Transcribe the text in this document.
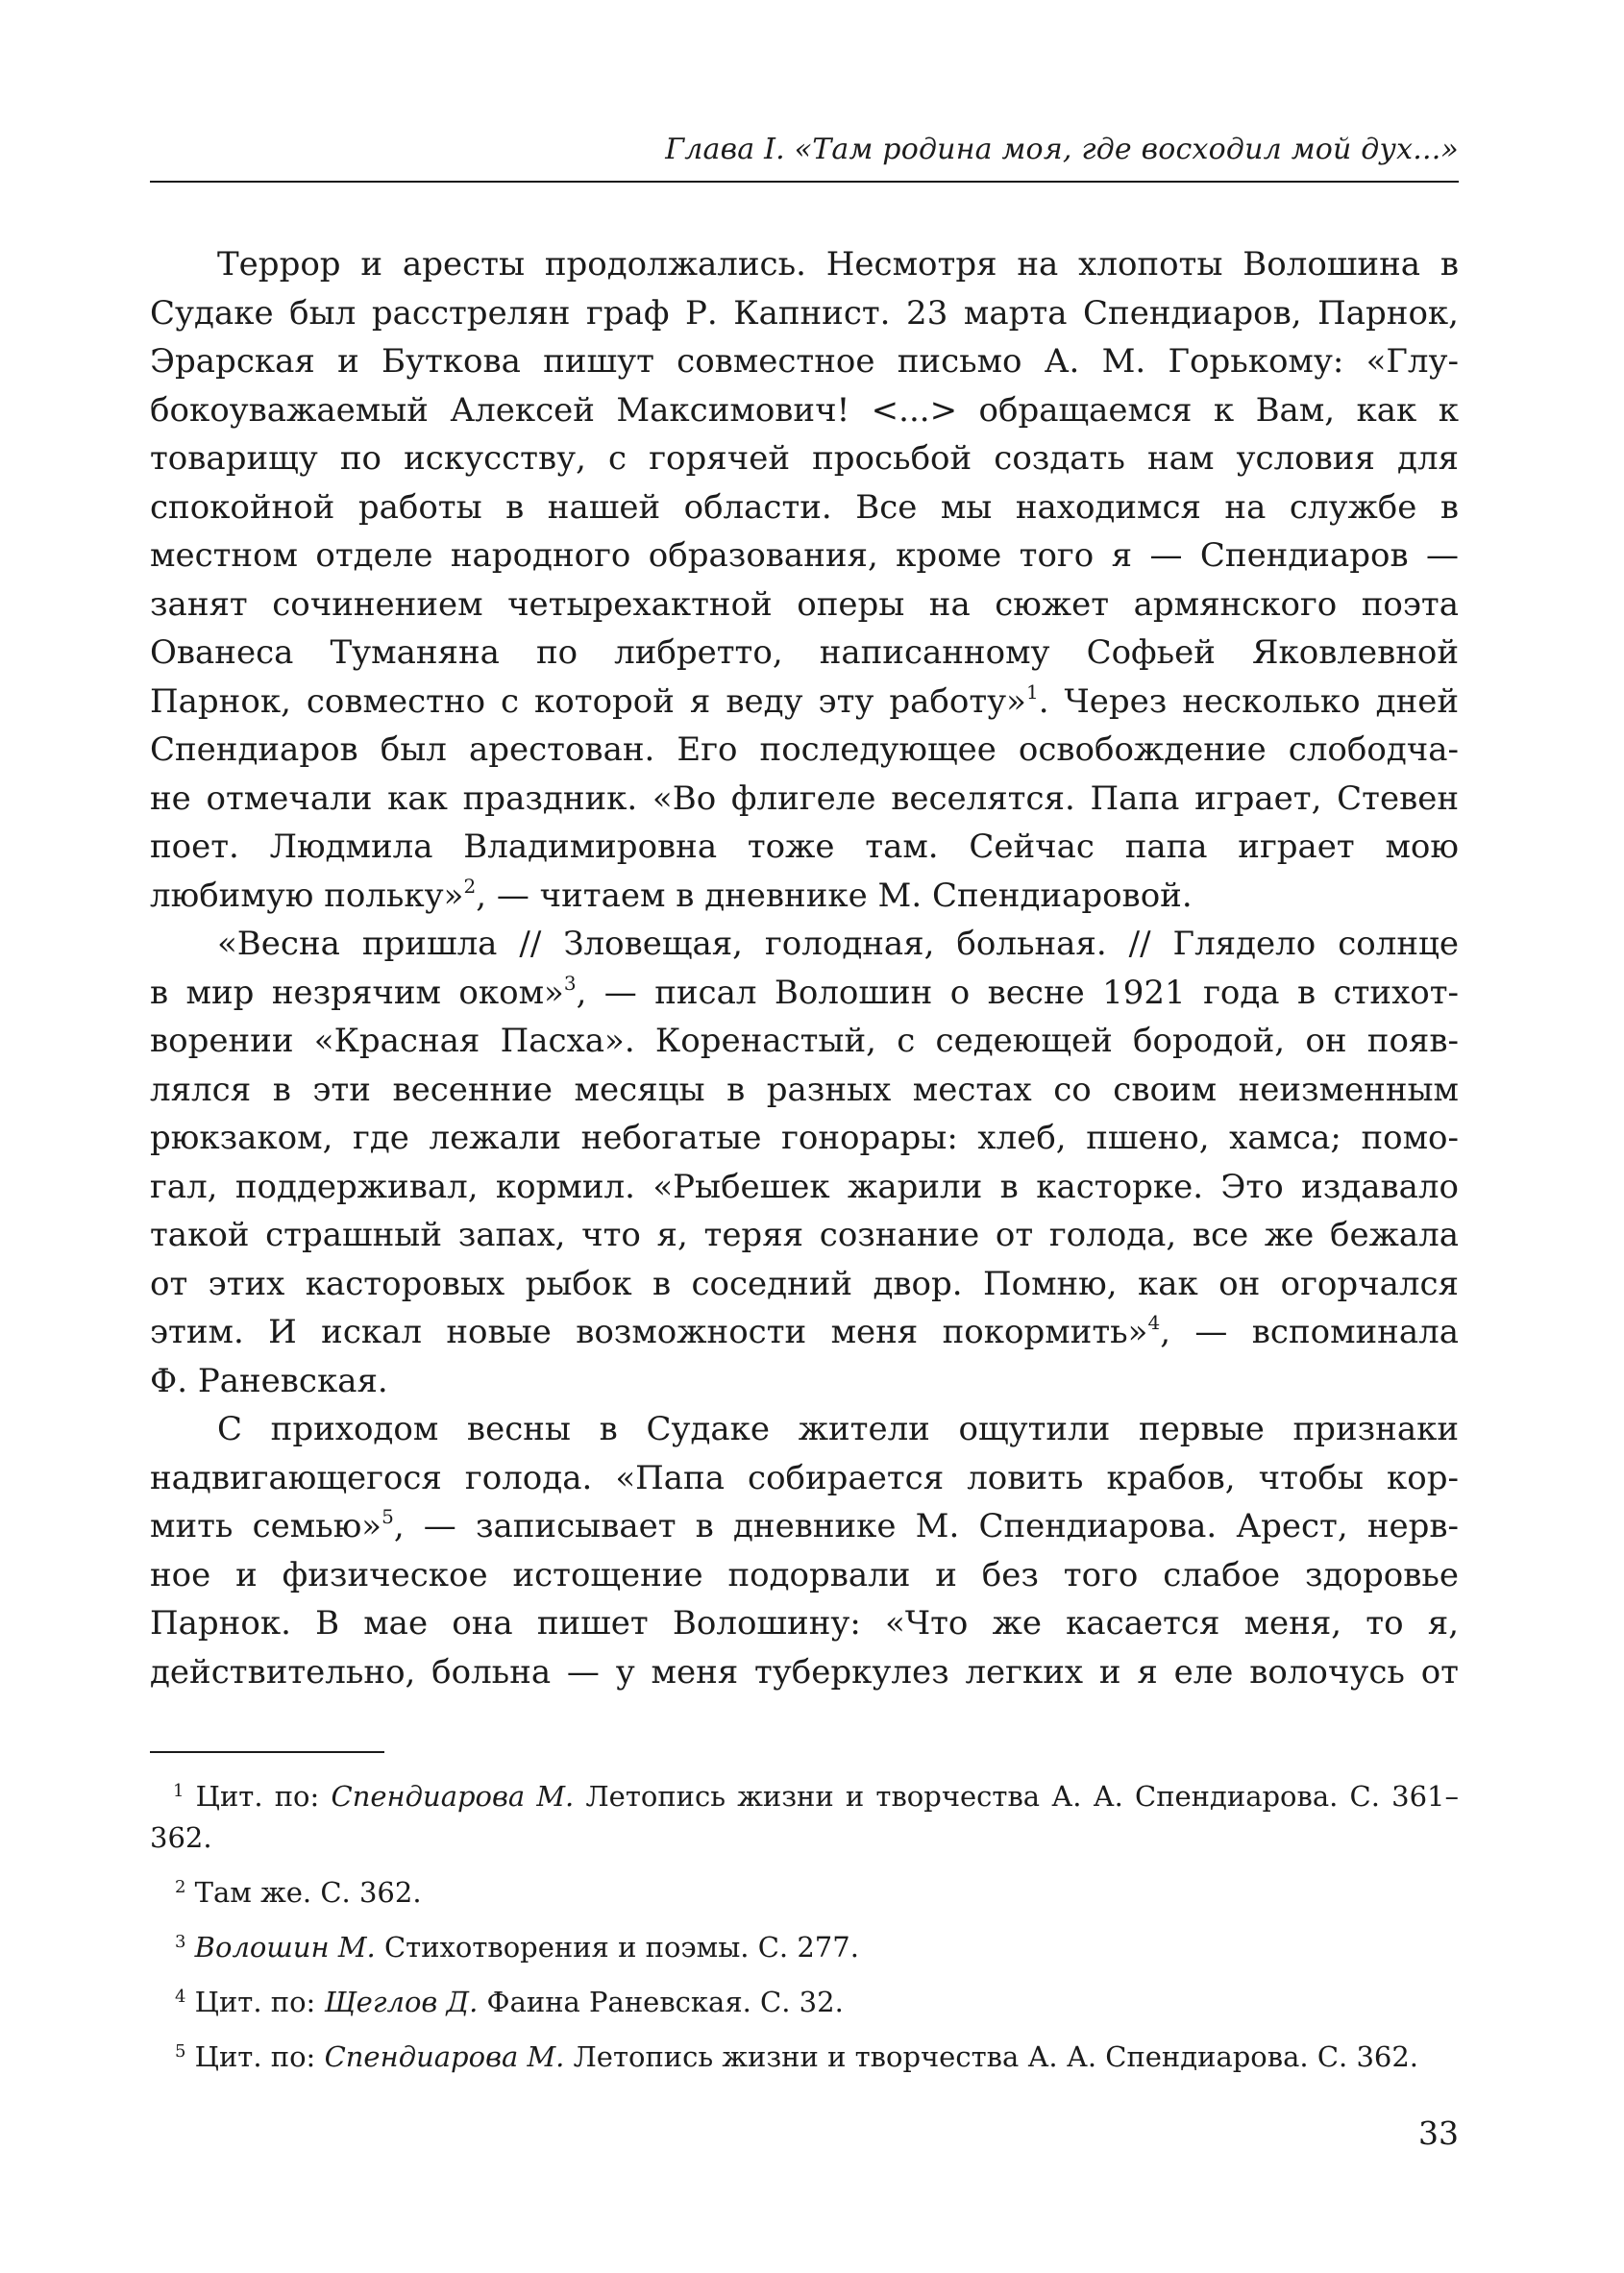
Глава I. «Там родина моя, где восходил мой дух...»
Террор и аресты продолжались. Несмотря на хлопоты Волошина в
Судаке был расстрелян граф Р. Капнист. 23 марта Спендиаров, Парнок,
Эрарская и Буткова пишут совместное письмо А. М. Горькому: «Глу-
бокоуважаемый Алексей Максимович! <...> обращаемся к Вам, как к
товарищу по искусству, с горячей просьбой создать нам условия для
спокойной работы в нашей области. Все мы находимся на службе в
местном отделе народного образования, кроме того я — Спендиаров —
занят сочинением четырехактной оперы на сюжет армянского поэта
Ованеса Туманяна по либретто, написанному Софьей Яковлевной
Парнок, совместно с которой я веду эту работу»$^1$. Через несколько дней
Спендиаров был арестован. Его последующее освобождение слободча-
не отмечали как праздник. «Во флигеле веселятся. Папа играет, Стевен
поет. Людмила Владимировна тоже там. Сейчас папа играет мою
любимую польку»$^2$, — читаем в дневнике М. Спендиаровой.
«Весна пришла // Зловещая, голодная, больная. // Глядело солнце
в мир незрячим оком»$^3$, — писал Волошин о весне 1921 года в стихот-
ворении «Красная Пасха». Коренастый, с седеющей бородой, он появ-
лялся в эти весенние месяцы в разных местах со своим неизменным
рюкзаком, где лежали небогатые гонорары: хлеб, пшено, хамса; помо-
гал, поддерживал, кормил. «Рыбешек жарили в касторке. Это издавало
такой страшный запах, что я, теряя сознание от голода, все же бежала
от этих касторовых рыбок в соседний двор. Помню, как он огорчался
этим. И искал новые возможности меня покормить»$^4$, — вспоминала
Ф. Раневская.
С приходом весны в Судаке жители ощутили первые признаки
надвигающегося голода. «Папа собирается ловить крабов, чтобы кор-
мить семью»$^5$, — записывает в дневнике М. Спендиарова. Арест, нерв-
ное и физическое истощение подорвали и без того слабое здоровье
Парнок. В мае она пишет Волошину: «Что же касается меня, то я,
действительно, больна — у меня туберкулез легких и я еле волочусь от
$^1$ Цит. по: Спендиарова М. Летопись жизни и творчества А. А. Спендиарова. С. 361–
362.
$^2$ Там же. С. 362.
$^3$ Волошин М. Стихотворения и поэмы. С. 277.
$^4$ Цит. по: Щеглов Д. Фаина Раневская. С. 32.
$^5$ Цит. по: Спендиарова М. Летопись жизни и творчества А. А. Спендиарова. С. 362.
33
